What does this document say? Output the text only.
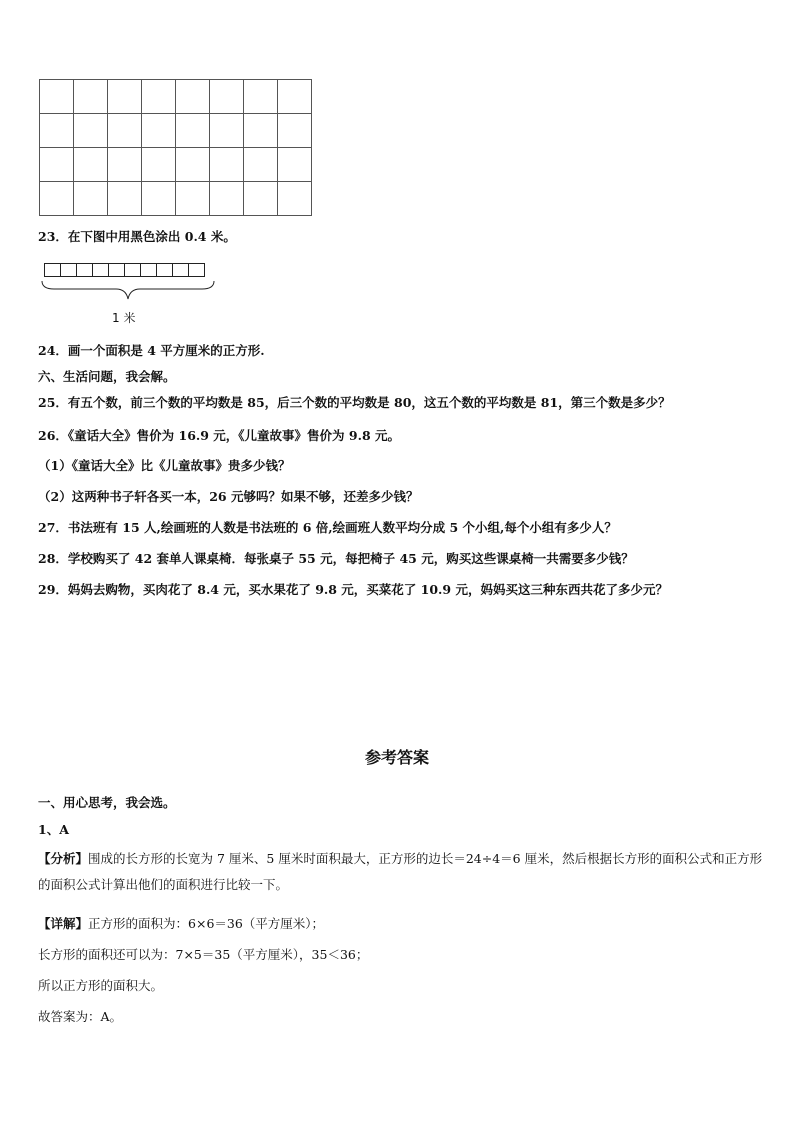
23．在下图中用黑色涂出 0.4 米。
1 米
24．画一个面积是 4 平方厘米的正方形.
六、生活问题，我会解。
25．有五个数，前三个数的平均数是 85，后三个数的平均数是 80，这五个数的平均数是 81，第三个数是多少？
26．《童话大全》售价为 16.9 元，《儿童故事》售价为 9.8 元。
（1）《童话大全》比《儿童故事》贵多少钱？
（2）这两种书子轩各买一本，26 元够吗？如果不够，还差多少钱？
27．书法班有 15 人,绘画班的人数是书法班的 6 倍,绘画班人数平均分成 5 个小组,每个小组有多少人？
28．学校购买了 42 套单人课桌椅．每张桌子 55 元，每把椅子 45 元，购买这些课桌椅一共需要多少钱？
29．妈妈去购物，买肉花了 8.4 元，买水果花了 9.8 元，买菜花了 10.9 元，妈妈买这三种东西共花了多少元？
参考答案
一、用心思考，我会选。
1、A
【分析】围成的长方形的长宽为 7 厘米、5 厘米时面积最大，正方形的边长＝24÷4＝6 厘米，然后根据长方形的面积公式和正方形的面积公式计算出他们的面积进行比较一下。
【详解】正方形的面积为：6×6＝36（平方厘米）；
长方形的面积还可以为：7×5＝35（平方厘米），35＜36；
所以正方形的面积大。
故答案为：A。
